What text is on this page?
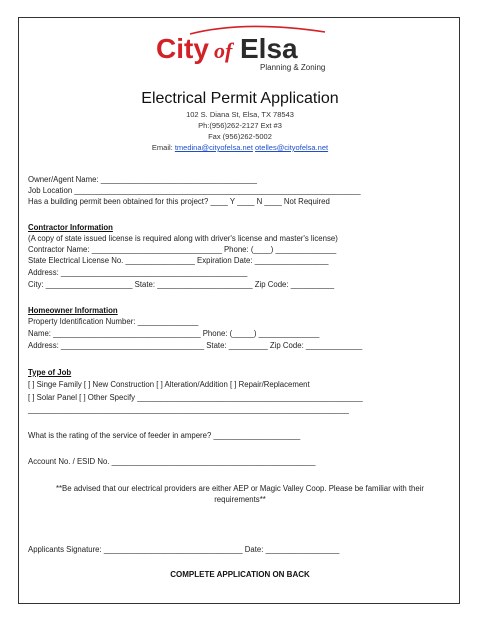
City of Elsa
Planning & Zoning
Electrical Permit Application
102 S. Diana St, Elsa, TX 78543
Ph:(956)262-2127 Ext #3
Fax (956)262-5002
Email: tmedina@cityofelsa.net otelles@cityofelsa.net
Owner/Agent Name: ____________________________________
Job Location __________________________________________________________________
Has a building permit been obtained for this project? ____ Y ____ N ____ Not Required
Contractor Information
(A copy of state issued license is required along with driver's license and master's license)
Contractor Name: ______________________________ Phone: (____) ______________
State Electrical License No. ________________ Expiration Date: _________________
Address: ___________________________________________
City: ____________________ State: ______________________ Zip Code: __________
Homeowner Information
Property Identification Number: ______________
Name: __________________________________ Phone: (_____) ______________
Address: _________________________________ State: _________ Zip Code: _____________
Type of Job
[ ] Singe Family [ ] New Construction [ ] Alteration/Addition [ ] Repair/Replacement
[ ] Solar Panel [ ] Other Specify ____________________________________________________
__________________________________________________________________________
What is the rating of the service of feeder in ampere? ____________________
Account No. / ESID No. _______________________________________________
**Be advised that our electrical providers are either AEP or Magic Valley Coop. Please be familiar with their requirements**
Applicants Signature: ________________________________ Date: _________________
COMPLETE APPLICATION ON BACK
